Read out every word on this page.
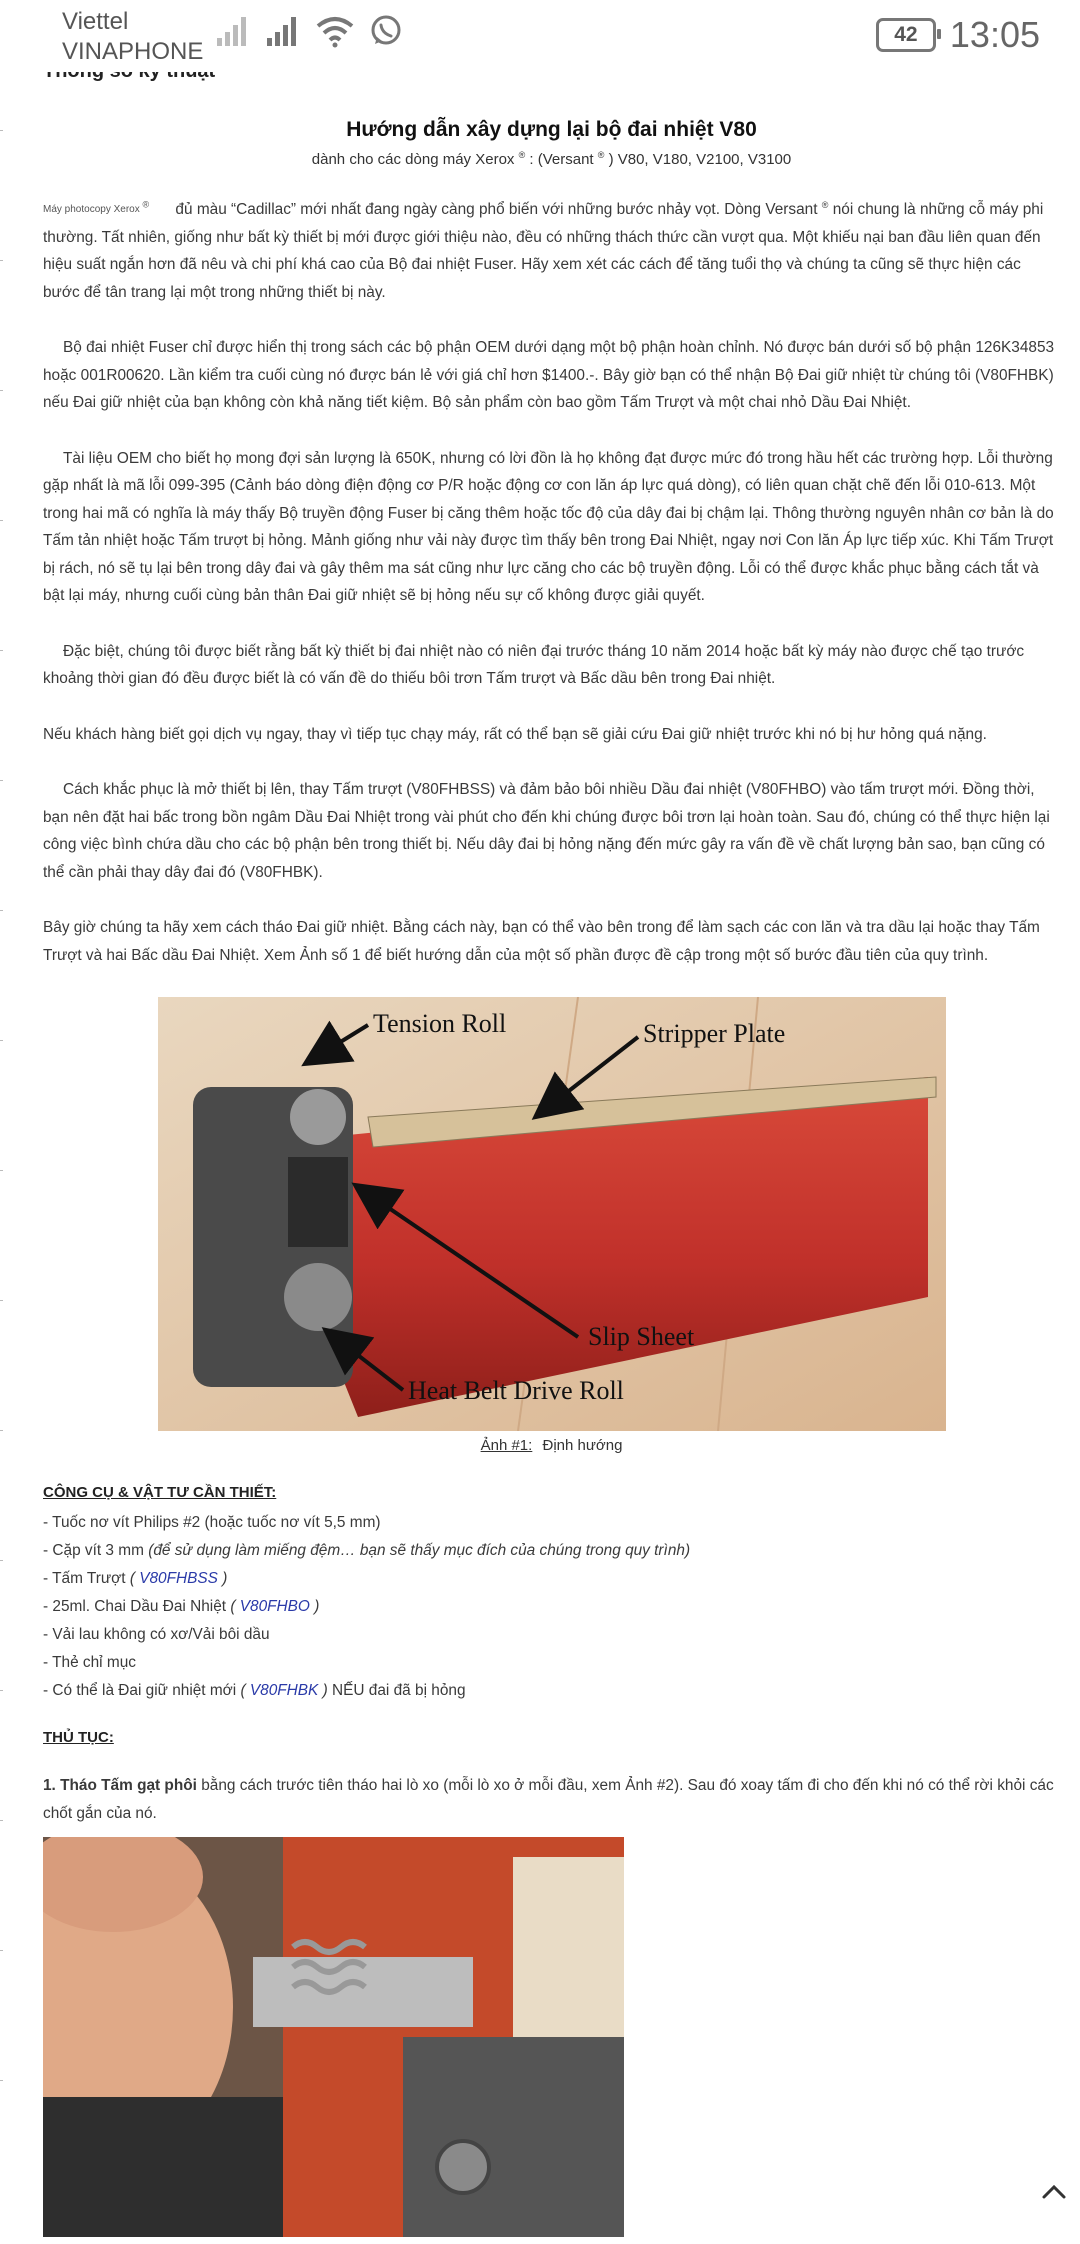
Viettel
VINAPHONE
42 13:05
Hướng dẫn xây dựng lại bộ đai nhiệt V80

dành cho các dòng máy Xerox ® : (Versant ® ) V80, V180, V2100, V3100

$^{Máy photocopy Xerox ^®}$ đủ màu “Cadillac” mới nhất đang ngày càng phổ biến với những bước nhảy vọt. Dòng Versant ® nói chung là những cỗ máy phi thường. Tất nhiên, giống như bất kỳ thiết bị mới được giới thiệu nào, đều có những thách thức cần vượt qua. Một khiếu nại ban đầu liên quan đến hiệu suất ngắn hơn đã nêu và chi phí khá cao của Bộ đai nhiệt Fuser. Hãy xem xét các cách để tăng tuổi thọ và chúng ta cũng sẽ thực hiện các bước để tân trang lại một trong những thiết bị này.

Bộ đai nhiệt Fuser chỉ được hiển thị trong sách các bộ phận OEM dưới dạng một bộ phận hoàn chỉnh. Nó được bán dưới số bộ phận 126K34853 hoặc 001R00620. Lần kiểm tra cuối cùng nó được bán lẻ với giá chỉ hơn $1400.-. Bây giờ bạn có thể nhận Bộ Đai giữ nhiệt từ chúng tôi (V80FHBK) nếu Đai giữ nhiệt của bạn không còn khả năng tiết kiệm. Bộ sản phẩm còn bao gồm Tấm Trượt và một chai nhỏ Dầu Đai Nhiệt.

Tài liệu OEM cho biết họ mong đợi sản lượng là 650K, nhưng có lời đồn là họ không đạt được mức đó trong hầu hết các trường hợp. Lỗi thường gặp nhất là mã lỗi 099-395 (Cảnh báo dòng điện động cơ P/R hoặc động cơ con lăn áp lực quá dòng), có liên quan chặt chẽ đến lỗi 010-613. Một trong hai mã có nghĩa là máy thấy Bộ truyền động Fuser bị căng thêm hoặc tốc độ của dây đai bị chậm lại. Thông thường nguyên nhân cơ bản là do Tấm tản nhiệt hoặc Tấm trượt bị hỏng. Mảnh giống như vải này được tìm thấy bên trong Đai Nhiệt, ngay nơi Con lăn Áp lực tiếp xúc. Khi Tấm Trượt bị rách, nó sẽ tụ lại bên trong dây đai và gây thêm ma sát cũng như lực căng cho các bộ truyền động. Lỗi có thể được khắc phục bằng cách tắt và bật lại máy, nhưng cuối cùng bản thân Đai giữ nhiệt sẽ bị hỏng nếu sự cố không được giải quyết.

Đặc biệt, chúng tôi được biết rằng bất kỳ thiết bị đai nhiệt nào có niên đại trước tháng 10 năm 2014 hoặc bất kỳ máy nào được chế tạo trước khoảng thời gian đó đều được biết là có vấn đề do thiếu bôi trơn Tấm trượt và Bấc dầu bên trong Đai nhiệt.

Nếu khách hàng biết gọi dịch vụ ngay, thay vì tiếp tục chạy máy, rất có thể bạn sẽ giải cứu Đai giữ nhiệt trước khi nó bị hư hỏng quá nặng.

Cách khắc phục là mở thiết bị lên, thay Tấm trượt (V80FHBSS) và đảm bảo bôi nhiều Dầu đai nhiệt (V80FHBO) vào tấm trượt mới. Đồng thời, bạn nên đặt hai bấc trong bồn ngâm Dầu Đai Nhiệt trong vài phút cho đến khi chúng được bôi trơn lại hoàn toàn. Sau đó, chúng có thể thực hiện lại công việc bình chứa dầu cho các bộ phận bên trong thiết bị. Nếu dây đai bị hỏng nặng đến mức gây ra vấn đề về chất lượng bản sao, bạn cũng có thể cần phải thay dây đai đó (V80FHBK).

Bây giờ chúng ta hãy xem cách tháo Đai giữ nhiệt. Bằng cách này, bạn có thể vào bên trong để làm sạch các con lăn và tra dầu lại hoặc thay Tấm Trượt và hai Bấc dầu Đai Nhiệt. Xem Ảnh số 1 để biết hướng dẫn của một số phần được đề cập trong một số bước đầu tiên của quy trình.

Tension Roll	Stripper Plate
Slip Sheet
Heat Belt Drive Roll

Ảnh #1: Định hướng

CÔNG CỤ & VẬT TƯ CẦN THIẾT:

- Tuốc nơ vít Philips #2 (hoặc tuốc nơ vít 5,5 mm)
- Cặp vít 3 mm (để sử dụng làm miếng đệm… bạn sẽ thấy mục đích của chúng trong quy trình)
- Tấm Trượt ( V80FHBSS )
- 25ml. Chai Dầu Đai Nhiệt ( V80FHBO )
- Vải lau không có xơ/Vải bôi dầu
- Thẻ chỉ mục
- Có thể là Đai giữ nhiệt mới ( V80FHBK ) NẾU đai đã bị hỏng

THỦ TỤC:

1. Tháo Tấm gạt phôi bằng cách trước tiên tháo hai lò xo (mỗi lò xo ở mỗi đầu, xem Ảnh #2). Sau đó xoay tấm đi cho đến khi nó có thể rời khỏi các chốt gắn của nó.
